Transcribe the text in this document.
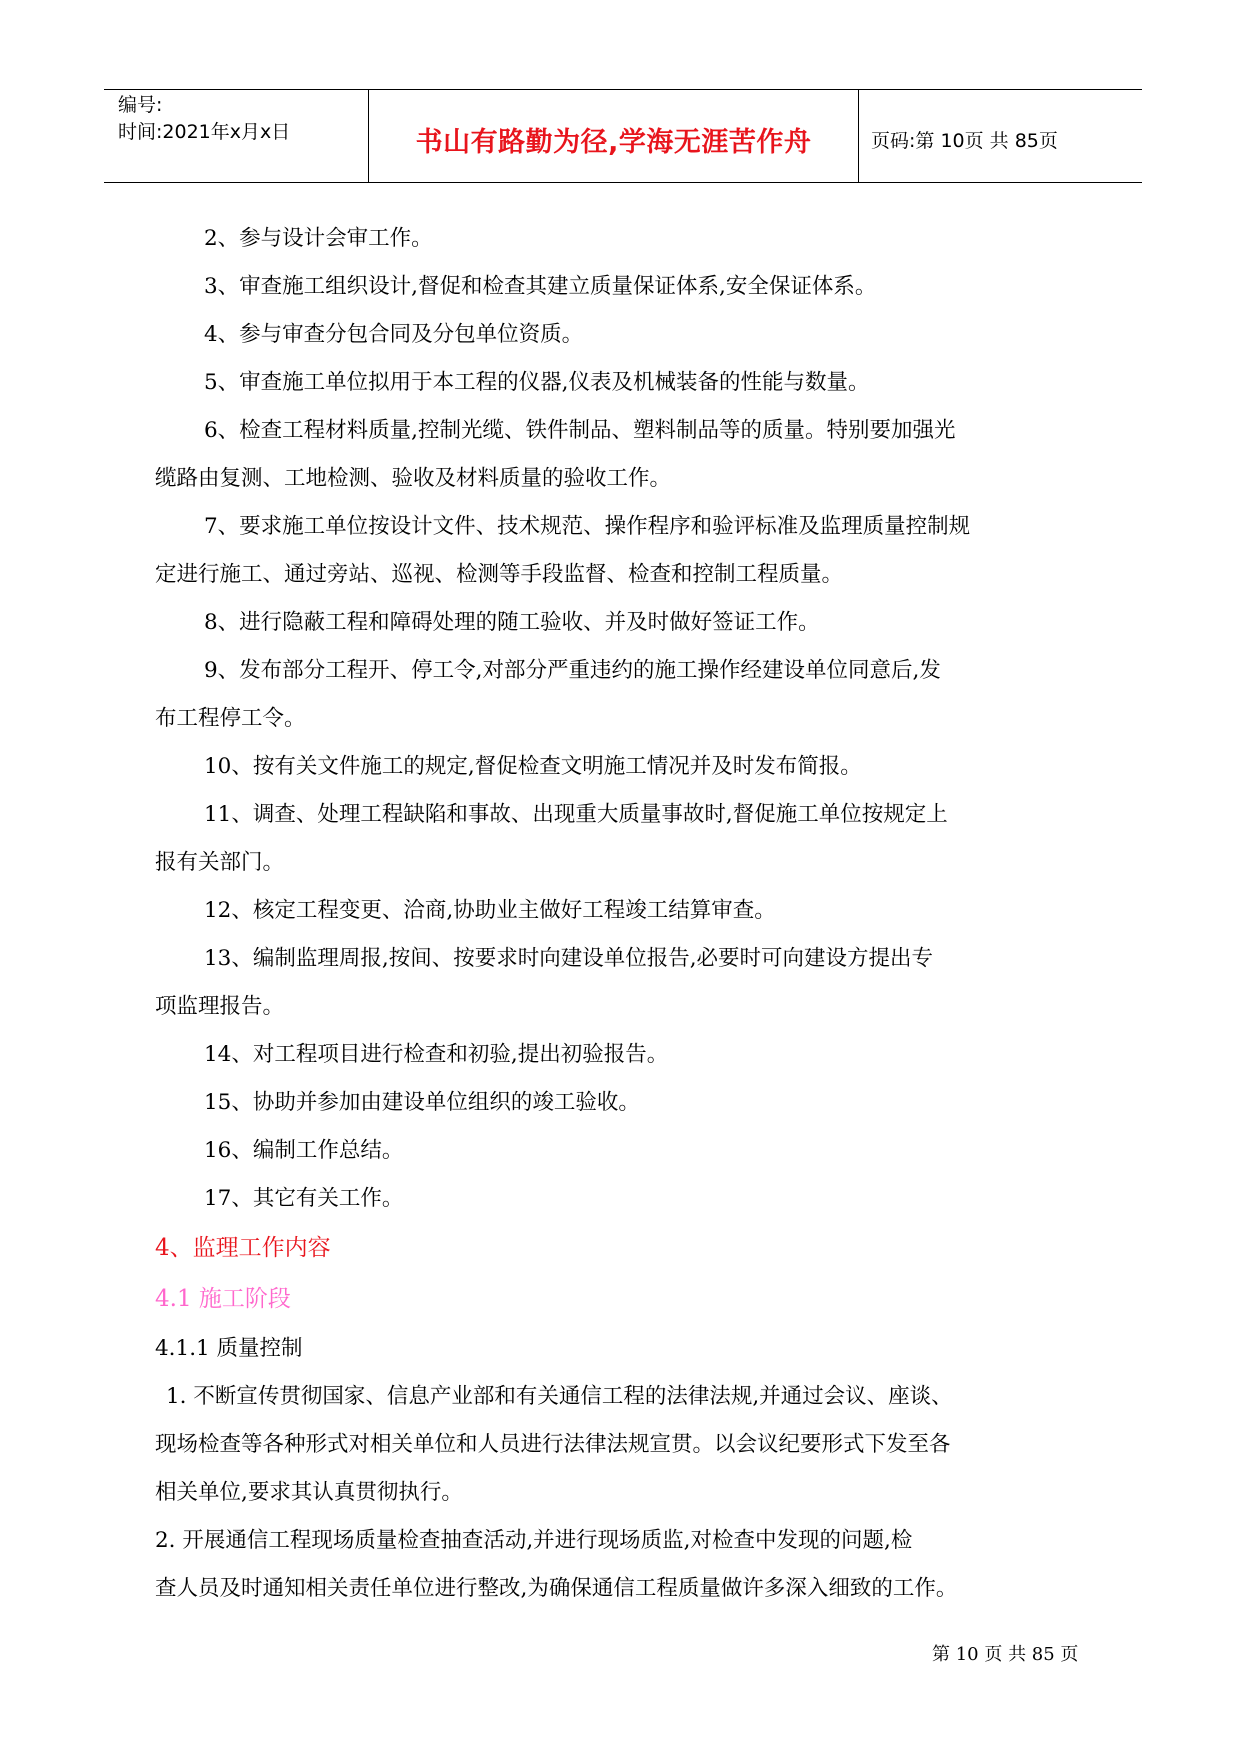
编号:
时间:2021年x月x日	书山有路勤为径,学海无涯苦作舟	页码:第 10页 共 85页

2、参与设计会审工作。

3、审查施工组织设计,督促和检查其建立质量保证体系,安全保证体系。

4、参与审查分包合同及分包单位资质。

5、审查施工单位拟用于本工程的仪器,仪表及机械装备的性能与数量。

6、检查工程材料质量,控制光缆、铁件制品、塑料制品等的质量。特别要加强光

缆路由复测、工地检测、验收及材料质量的验收工作。

7、要求施工单位按设计文件、技术规范、操作程序和验评标准及监理质量控制规

定进行施工、通过旁站、巡视、检测等手段监督、检查和控制工程质量。

8、进行隐蔽工程和障碍处理的随工验收、并及时做好签证工作。

9、发布部分工程开、停工令,对部分严重违约的施工操作经建设单位同意后,发

布工程停工令。

10、按有关文件施工的规定,督促检查文明施工情况并及时发布简报。

11、调查、处理工程缺陷和事故、出现重大质量事故时,督促施工单位按规定上

报有关部门。

12、核定工程变更、洽商,协助业主做好工程竣工结算审查。

13、编制监理周报,按间、按要求时向建设单位报告,必要时可向建设方提出专

项监理报告。

14、对工程项目进行检查和初验,提出初验报告。

15、协助并参加由建设单位组织的竣工验收。

16、编制工作总结。

17、其它有关工作。

4、监理工作内容

4.1 施工阶段

4.1.1 质量控制

1. 不断宣传贯彻国家、信息产业部和有关通信工程的法律法规,并通过会议、座谈、

现场检查等各种形式对相关单位和人员进行法律法规宣贯。以会议纪要形式下发至各

相关单位,要求其认真贯彻执行。

2. 开展通信工程现场质量检查抽查活动,并进行现场质监,对检查中发现的问题,检

查人员及时通知相关责任单位进行整改,为确保通信工程质量做许多深入细致的工作。

第 10 页 共 85 页
